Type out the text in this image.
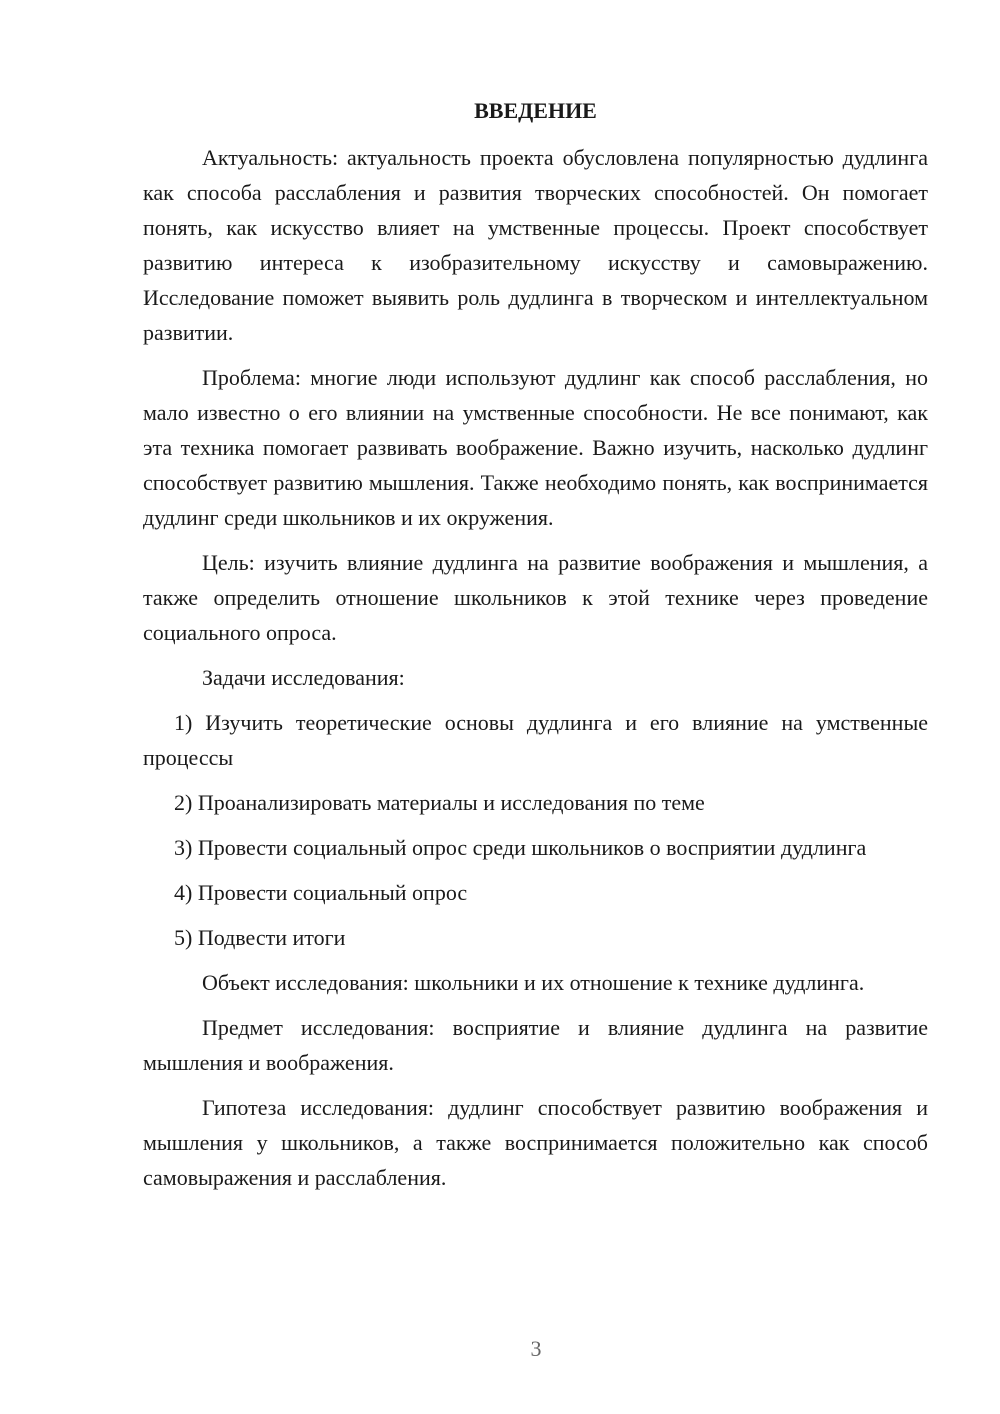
ВВЕДЕНИЕ

Актуальность: актуальность проекта обусловлена популярностью дудлинга как способа расслабления и развития творческих способностей. Он помогает понять, как искусство влияет на умственные процессы. Проект способствует развитию интереса к изобразительному искусству и самовыражению. Исследование поможет выявить роль дудлинга в творческом и интеллектуальном развитии.

Проблема: многие люди используют дудлинг как способ расслабления, но мало известно о его влиянии на умственные способности. Не все понимают, как эта техника помогает развивать воображение. Важно изучить, насколько дудлинг способствует развитию мышления. Также необходимо понять, как воспринимается дудлинг среди школьников и их окружения.

Цель: изучить влияние дудлинга на развитие воображения и мышления, а также определить отношение школьников к этой технике через проведение социального опроса.

Задачи исследования:

1) Изучить теоретические основы дудлинга и его влияние на умственные процессы

2) Проанализировать материалы и исследования по теме

3) Провести социальный опрос среди школьников о восприятии дудлинга

4) Провести социальный опрос

5) Подвести итоги

Объект исследования: школьники и их отношение к технике дудлинга.

Предмет исследования: восприятие и влияние дудлинга на развитие мышления и воображения.

Гипотеза исследования: дудлинг способствует развитию воображения и мышления у школьников, а также воспринимается положительно как способ самовыражения и расслабления.

3
